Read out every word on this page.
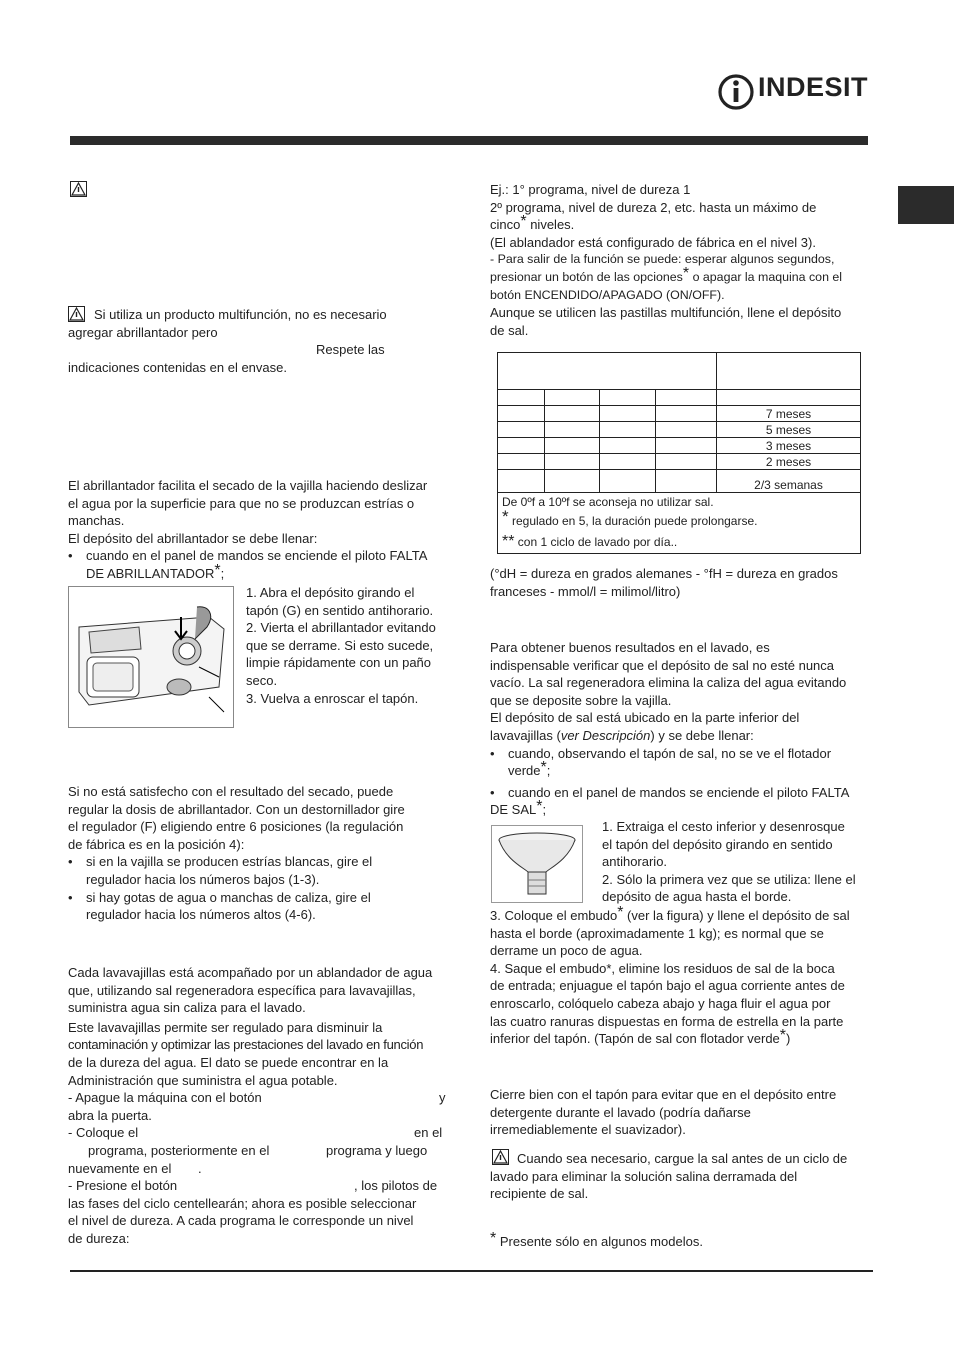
INDESIT
Si utiliza un producto multifunción, no es necesario agregar abrillantador pero
Respete las
indicaciones contenidas en el envase.
El abrillantador facilita el secado de la vajilla haciendo deslizar
el agua por la superficie para que no se produzcan estrías o
manchas.
El depósito del abrillantador se debe llenar:
• cuando en el panel de mandos se enciende el piloto FALTA
DE ABRILLANTADOR*;
1. Abra el depósito girando el
tapón (G) en sentido antihorario.
2. Vierta el abrillantador evitando
que se derrame. Si esto sucede,
limpie rápidamente con un paño
seco.
3. Vuelva a enroscar el tapón.
Si no está satisfecho con el resultado del secado, puede
regular la dosis de abrillantador. Con un destornillador gire
el regulador (F) eligiendo entre 6 posiciones (la regulación
de fábrica es en la posición 4):
• si en la vajilla se producen estrías blancas, gire el
regulador hacia los números bajos (1-3).
• si hay gotas de agua o manchas de caliza, gire el
regulador hacia los números altos (4-6).
Cada lavavajillas está acompañado por un ablandador de agua
que, utilizando sal regeneradora específica para lavavajillas,
suministra agua sin caliza para el lavado.
Este lavavajillas permite ser regulado para disminuir la
contaminación y optimizar las prestaciones del lavado en función
de la dureza del agua. El dato se puede encontrar en la
Administración que suministra el agua potable.
- Apague la máquina con el botón	y
abra la puerta.
- Coloque el	en el
programa, posteriormente en el	programa y luego
nuevamente en el .
- Presione el botón	, los pilotos de
las fases del ciclo centellearán; ahora es posible seleccionar
el nivel de dureza. A cada programa le corresponde un nivel
de dureza:
Ej.: 1° programa, nivel de dureza 1
2º programa, nivel de dureza 2, etc. hasta un máximo de
cinco* niveles.
(El ablandador está configurado de fábrica en el nivel 3).
- Para salir de la función se puede: esperar algunos segundos,
presionar un botón de las opciones* o apagar la maquina con el
botón ENCENDIDO/APAGADO (ON/OFF).
Aunque se utilicen las pastillas multifunción, llene el depósito
de sal.

				7 meses
				5 meses
				3 meses
				2 meses
				2/3 semanas

De 0ºf a 10ºf se aconseja no utilizar sal.
* regulado en 5, la duración puede prolongarse.
** con 1 ciclo de lavado por día..				
(°dH = dureza en grados alemanes - °fH = dureza en grados
franceses - mmol/l = milimol/litro)
Para obtener buenos resultados en el lavado, es
indispensable verificar que el depósito de sal no esté nunca
vacío. La sal regeneradora elimina la caliza del agua evitando
que se deposite sobre la vajilla.
El depósito de sal está ubicado en la parte inferior del
lavavajillas (ver Descripción) y se debe llenar:
• cuando, observando el tapón de sal, no se ve el flotador
verde*;
• cuando en el panel de mandos se enciende el piloto FALTA
DE SAL*;
1. Extraiga el cesto inferior y desenrosque
el tapón del depósito girando en sentido
antihorario.
2. Sólo la primera vez que se utiliza: llene el
depósito de agua hasta el borde.
3. Coloque el embudo* (ver la figura) y llene el depósito de sal
hasta el borde (aproximadamente 1 kg); es normal que se
derrame un poco de agua.
4. Saque el embudo*, elimine los residuos de sal de la boca
de entrada; enjuague el tapón bajo el agua corriente antes de
enroscarlo, colóquelo cabeza abajo y haga fluir el agua por
las cuatro ranuras dispuestas en forma de estrella en la parte
inferior del tapón. (Tapón de sal con flotador verde*)
Cierre bien con el tapón para evitar que en el depósito entre
detergente durante el lavado (podría dañarse
irremediablemente el suavizador).
Cuando sea necesario, cargue la sal antes de un ciclo de
lavado para eliminar la solución salina derramada del
recipiente de sal.
* Presente sólo en algunos modelos.
